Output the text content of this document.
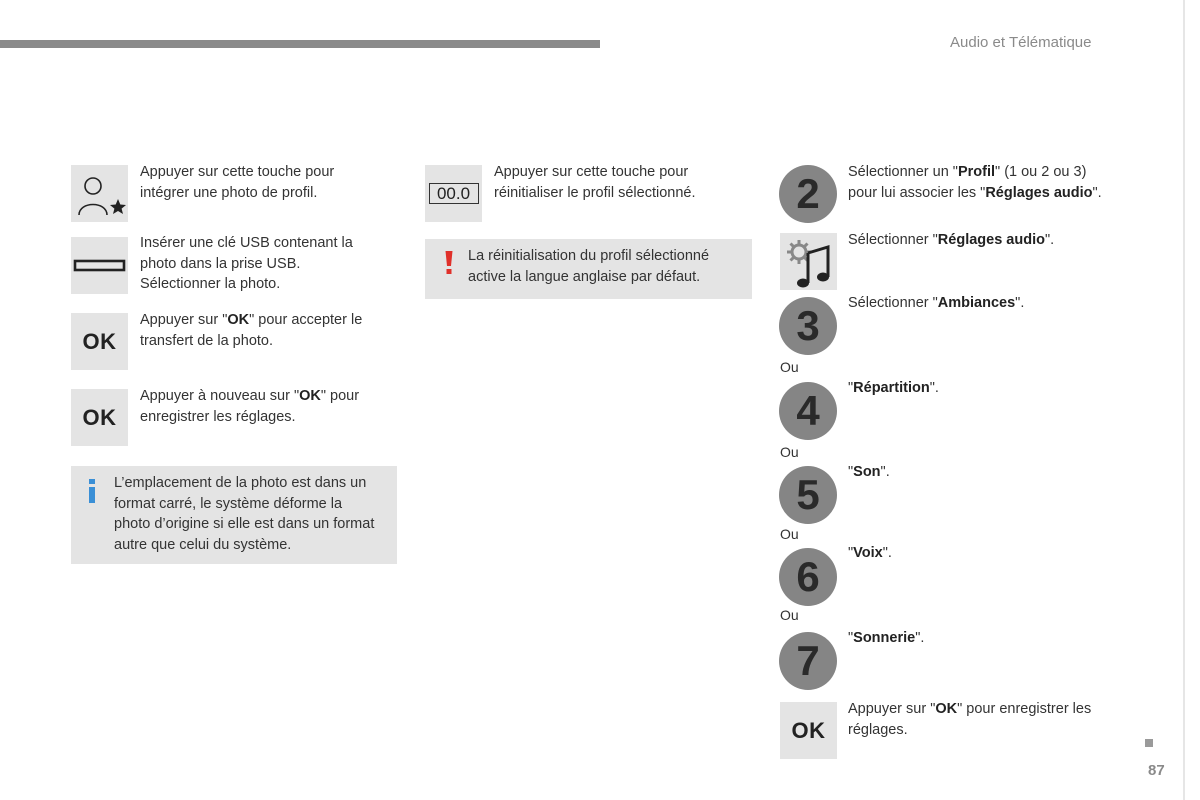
Audio et Télématique
Appuyer sur cette touche pour intégrer une photo de profil.
Insérer une clé USB contenant la photo dans la prise USB. Sélectionner la photo.
OK
Appuyer sur "OK" pour accepter le transfert de la photo.
OK
Appuyer à nouveau sur "OK" pour enregistrer les réglages.
L’emplacement de la photo est dans un format carré, le système déforme la photo d’origine si elle est dans un format autre que celui du système.
00.0
Appuyer sur cette touche pour réinitialiser le profil sélectionné.
La réinitialisation du profil sélectionné active la langue anglaise par défaut.
2	Sélectionner un "Profil" (1 ou 2 ou 3) pour lui associer les "Réglages audio".
Sélectionner "Réglages audio".
3	Sélectionner "Ambiances".
Ou
4	"Répartition".
Ou
5	"Son".
Ou
6	"Voix".
Ou
7	"Sonnerie".
OK
Appuyer sur "OK" pour enregistrer les réglages.
87
